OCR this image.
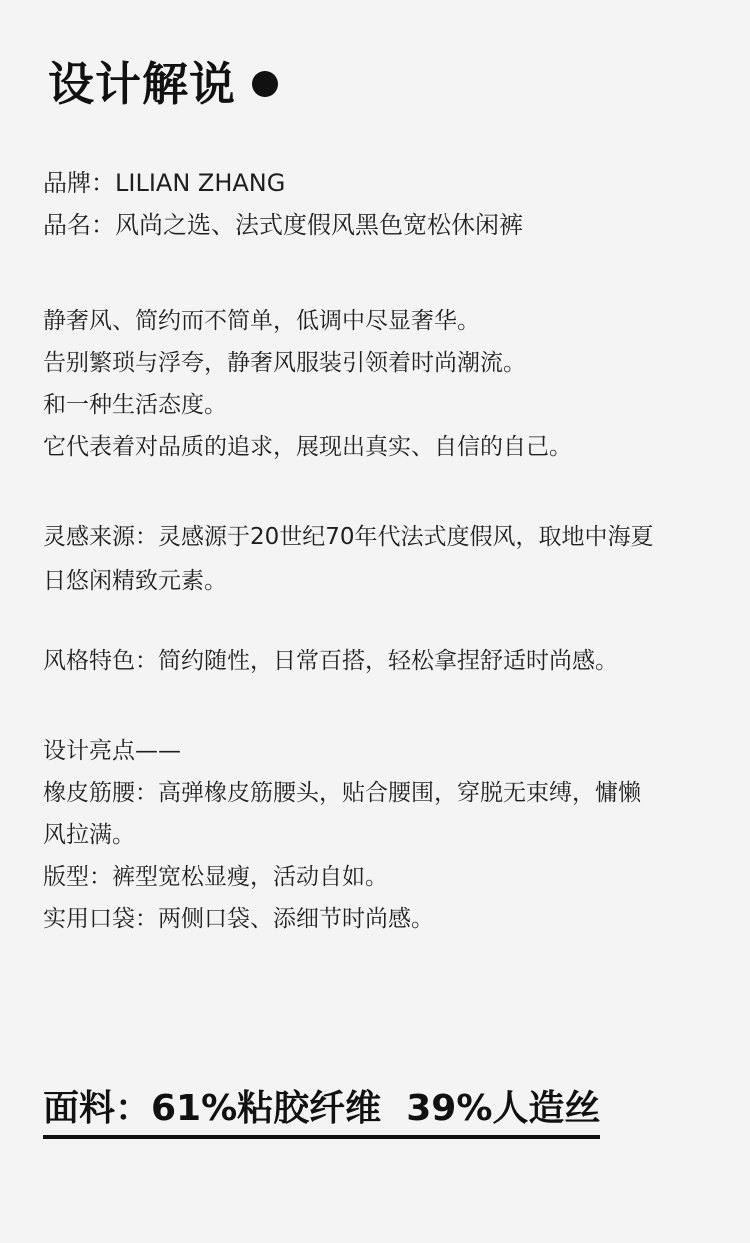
设计解说
品牌：LILIAN ZHANG
品名：风尚之选、法式度假风黑色宽松休闲裤
静奢风、简约而不简单，低调中尽显奢华。
告别繁琐与浮夸，静奢风服装引领着时尚潮流。
和一种生活态度。
它代表着对品质的追求，展现出真实、自信的自己。
灵感来源：灵感源于20世纪70年代法式度假风，取地中海夏
日悠闲精致元素。
风格特色：简约随性，日常百搭，轻松拿捏舒适时尚感。
设计亮点——
橡皮筋腰：高弹橡皮筋腰头，贴合腰围，穿脱无束缚，慵懒
风拉满。
版型：裤型宽松显瘦，活动自如。
实用口袋：两侧口袋、添细节时尚感。
面料：61%粘胶纤维  39%人造丝
